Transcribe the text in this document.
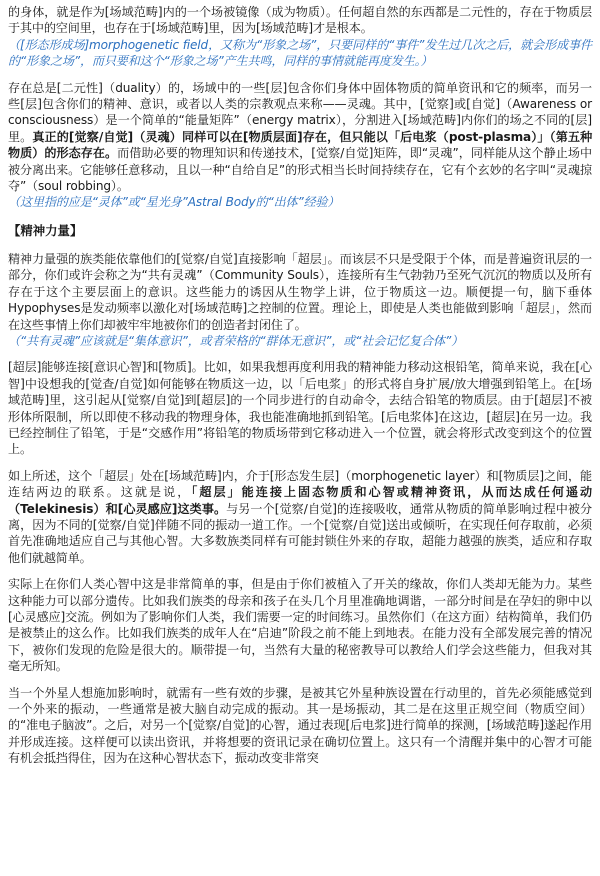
的身体，就是作为[场域范畴]内的一个场被镜像（成为物质）。任何超自然的东西都是二元性的，存在于物质层于其中的空间里，也存在于[场域范畴]里，因为[场域范畴]才是根本。
（[形态形成场]morphogenetic field，又称为“形象之场”，只要同样的“事件”发生过几次之后，就会形成事件的“形象之场”，而只要和这个“形象之场”产生共鸣，同样的事情就能再度发生。）

存在总是[二元性]（duality）的，场域中的一些[层]包含你们身体中固体物质的简单资讯和它的频率，而另一些[层]包含你们的精神、意识，或者以人类的宗教观点来称——灵魂。其中，[觉察]或[自觉]（Awareness or consciousness）是一个简单的“能量矩阵”（energy matrix），分割进入[场域范畴]内你们的场之不同的[层]里。真正的[觉察/自觉]（灵魂）同样可以在[物质层面]存在，但只能以「后电浆（post-plasma）」（第五种物质）的形态存在。而借助必要的物理知识和传递技术，[觉察/自觉]矩阵，即“灵魂”，同样能从这个静止场中被分离出来。它能够任意移动，且以一种“自给自足”的形式相当长时间持续存在，它有个玄妙的名字叫“灵魂掠夺”（soul robbing）。
（这里指的应是“灵体”或“星光身”Astral Body的“出体”经验）

【精神力量】

精神力量强的族类能依靠他们的[觉察/自觉]直接影响「超层」。而该层不只是受限于个体，而是普遍资讯层的一部分，你们或许会称之为“共有灵魂”（Community Souls），连接所有生气勃勃乃至死气沉沉的物质以及所有存在于这个主要层面上的意识。这些能力的诱因从生物学上讲，位于物质这一边。顺便提一句，脑下垂体Hypophyses是发动频率以激化对[场域范畴]之控制的位置。理论上，即使是人类也能做到影响「超层」，然而在这些事情上你们却被牢牢地被你们的创造者封闭住了。
（“共有灵魂”应该就是“集体意识”，或者荣格的“群体无意识”，或“社会记忆复合体”）

[超层]能够连接[意识心智]和[物质]。比如，如果我想再度利用我的精神能力移动这根铅笔，简单来说，我在[心智]中设想我的[觉查/自觉]如何能够在物质这一边，以「后电浆」的形式将自身扩展/放大增强到铅笔上。在[场域范畴]里，这引起从[觉察/自觉]到[超层]的一个同步进行的自动命令，去结合铅笔的物质层。由于[超层]不被形体所限制，所以即使不移动我的物理身体，我也能准确地抓到铅笔。[后电浆体]在这边，[超层]在另一边。我已经控制住了铅笔，于是“交感作用”将铅笔的物质场带到它移动进入一个位置，就会将形式改变到这个的位置上。

如上所述，这个「超层」处在[场域范畴]内，介于[形态发生层]（morphogenetic layer）和[物质层]之间，能连结两边的联系。这就是说，「超层」能连接上固态物质和心智或精神资讯，从而达成任何遥动（Telekinesis）和[心灵感应]这类事。与另一个[觉察/自觉]的连接吸收，通常从物质的简单影响过程中被分离，因为不同的[觉察/自觉]伴随不同的振动一道工作。一个[觉察/自觉]送出或倾听，在实现任何存取前，必须首先准确地适应自己与其他心智。大多数族类同样有可能封锁住外来的存取，超能力越强的族类，适应和存取他们就越简单。

实际上在你们人类心智中这是非常简单的事，但是由于你们被植入了开关的缘故，你们人类却无能为力。某些这种能力可以部分遗传。比如我们族类的母亲和孩子在头几个月里准确地调谐，一部分时间是在孕妇的卵中以[心灵感应]交流。例如为了影响你们人类，我们需要一定的时间练习。虽然你们（在这方面）结构简单，我们仍是被禁止的这么作。比如我们族类的成年人在“启迪”阶段之前不能上到地表。在能力没有全部发展完善的情况下，被你们发现的危险是很大的。顺带提一句，当然有大量的秘密教导可以教给人们学会这些能力，但我对其毫无所知。

当一个外星人想施加影响时，就需有一些有效的步骤，是被其它外星种族设置在行动里的，首先必须能感觉到一个外来的振动，一些通常是被大脑自动完成的振动。其一是场振动，其二是在这里正规空间（物质空间）的“准电子脑波”。之后，对另一个[觉察/自觉]的心智，通过表现[后电浆]进行简单的探测，[场域范畴]遂起作用并形成连接。这样便可以读出资讯，并将想要的资讯记录在确切位置上。这只有一个清醒并集中的心智才可能有机会抵挡得住，因为在这种心智状态下，振动改变非常突
